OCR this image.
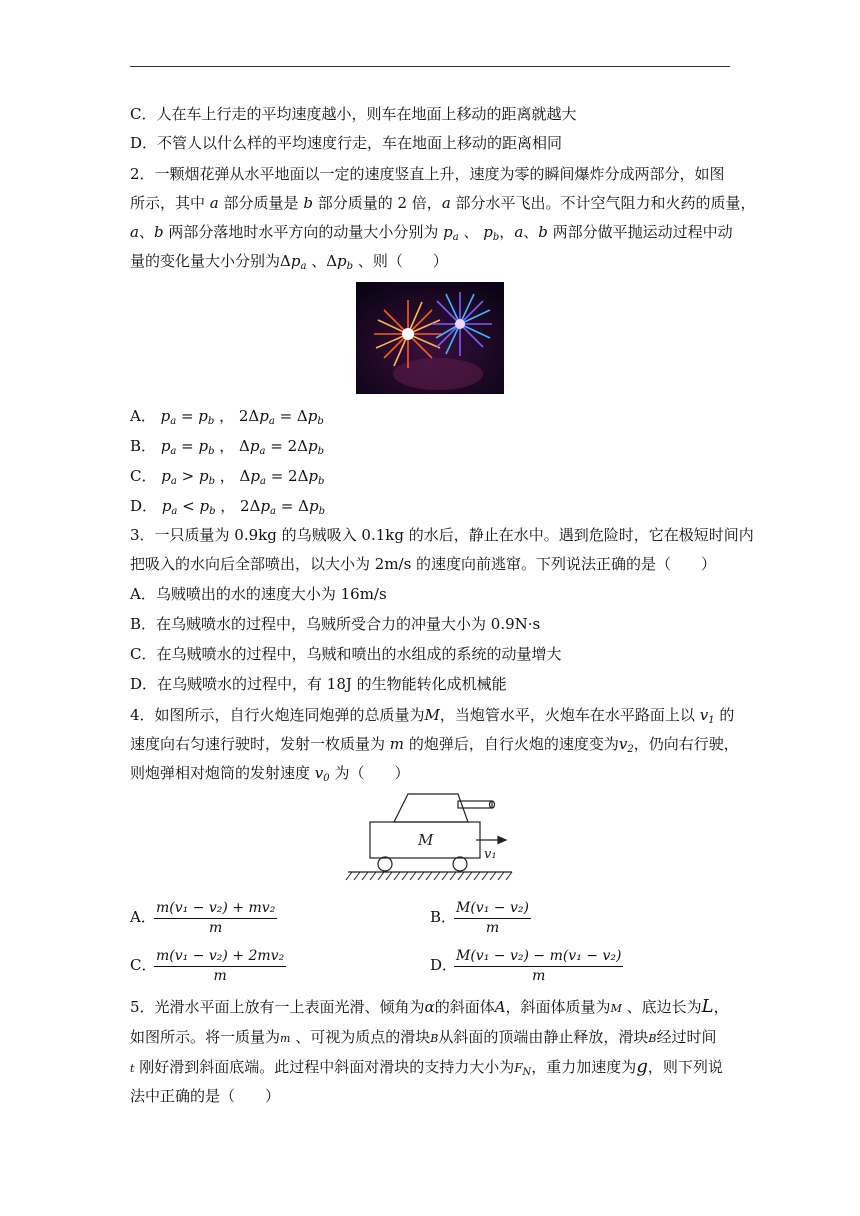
C．人在车上行走的平均速度越小，则车在地面上移动的距离就越大
D．不管人以什么样的平均速度行走，车在地面上移动的距离相同
2．一颗烟花弹从水平地面以一定的速度竖直上升，速度为零的瞬间爆炸分成两部分，如图
所示，其中 a 部分质量是 b 部分质量的 2 倍，a 部分水平飞出。不计空气阻力和火药的质量，
a、b 两部分落地时水平方向的动量大小分别为 $p_a$ 、 $p_b$，a、b 两部分做平抛运动过程中动
量的变化量大小分别为$\Delta p_a$ 、$\Delta p_b$ 、则（　　）
A． $p_a = p_b$ ， $2\Delta p_a = \Delta p_b$
B． $p_a = p_b$ ， $\Delta p_a = 2\Delta p_b$
C． $p_a > p_b$ ， $\Delta p_a = 2\Delta p_b$
D． $p_a < p_b$ ， $2\Delta p_a = \Delta p_b$
3．一只质量为 0.9kg 的乌贼吸入 0.1kg 的水后，静止在水中。遇到危险时，它在极短时间内
把吸入的水向后全部喷出，以大小为 2m/s 的速度向前逃窜。下列说法正确的是（　　）
A．乌贼喷出的水的速度大小为 16m/s
B．在乌贼喷水的过程中，乌贼所受合力的冲量大小为 0.9N·s
C．在乌贼喷水的过程中，乌贼和喷出的水组成的系统的动量增大
D．在乌贼喷水的过程中，有 18J 的生物能转化成机械能
4．如图所示，自行火炮连同炮弹的总质量为M，当炮管水平，火炮车在水平路面上以 $v_1$ 的
速度向右匀速行驶时，发射一枚质量为 m 的炮弹后，自行火炮的速度变为$v_2$，仍向右行驶，
则炮弹相对炮筒的发射速度 $v_0$ 为（　　）
M
v₁
A．
$\frac{\text{m(v₁ − v₂) + mv₂}}{m}$	B．
$\frac{\text{M(v₁ − v₂)}}{m}$
C．
$\frac{\text{m(v₁ − v₂) + 2mv₂}}{m}$	D．
$\frac{\text{M(v₁ − v₂) − m(v₁ − v₂)}}{m}$
5．光滑水平面上放有一上表面光滑、倾角为α的斜面体A，斜面体质量为M 、底边长为L，
如图所示。将一质量为m 、可视为质点的滑块B从斜面的顶端由静止释放，滑块B经过时间
t 刚好滑到斜面底端。此过程中斜面对滑块的支持力大小为$F_N$，重力加速度为g，则下列说
法中正确的是（　　）
